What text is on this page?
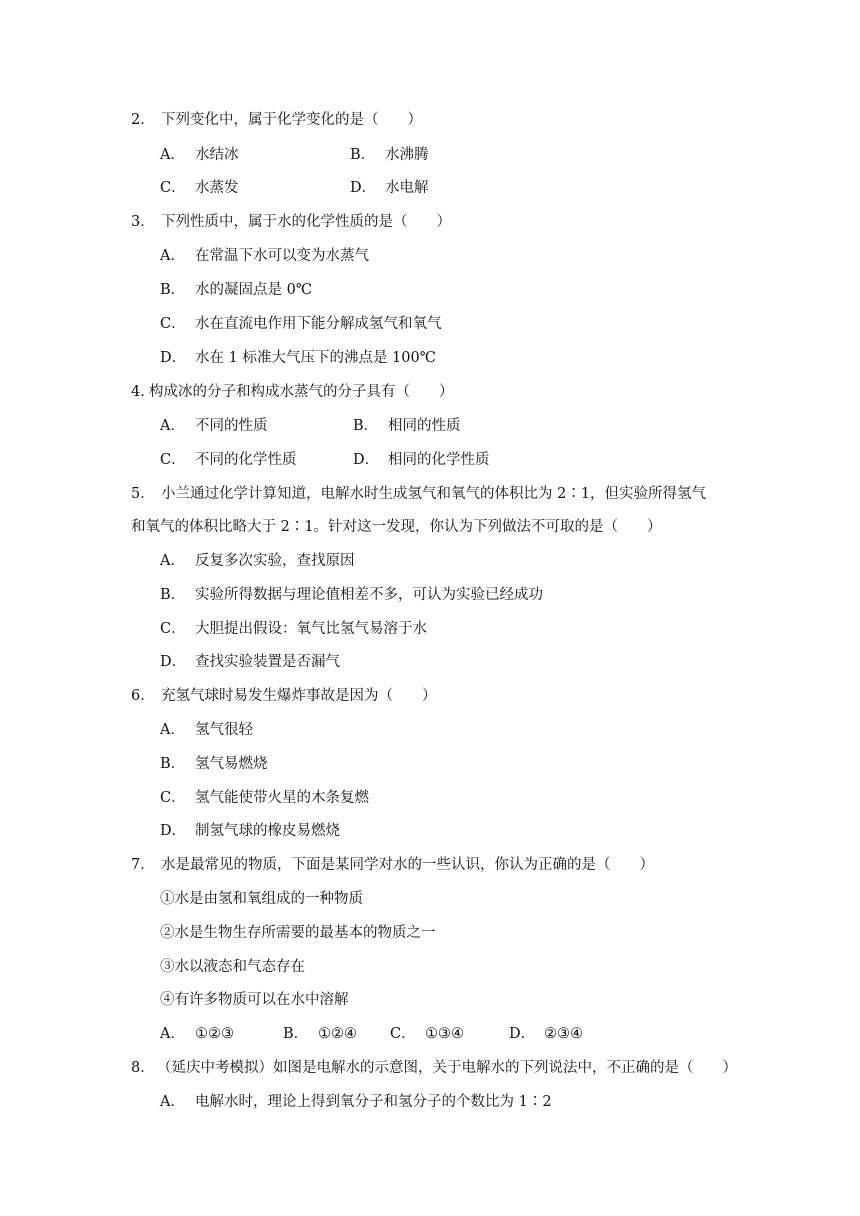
2． 下列变化中，属于化学变化的是（　　）
A． 水结冰	B． 水沸腾
C． 水蒸发	D． 水电解
3． 下列性质中，属于水的化学性质的是（　　）
A． 在常温下水可以变为水蒸气
B． 水的凝固点是 0℃
C． 水在直流电作用下能分解成氢气和氧气
D． 水在 1 标准大气压下的沸点是 100℃
4.构成冰的分子和构成水蒸气的分子具有（　　）
A． 不同的性质	B． 相同的性质
C． 不同的化学性质	D． 相同的化学性质
5． 小兰通过化学计算知道，电解水时生成氢气和氧气的体积比为 2∶1，但实验所得氢气
和氧气的体积比略大于 2∶1。针对这一发现，你认为下列做法不可取的是（　　）
A． 反复多次实验，查找原因
B． 实验所得数据与理论值相差不多，可认为实验已经成功
C． 大胆提出假设：氧气比氢气易溶于水
D． 查找实验装置是否漏气
6． 充氢气球时易发生爆炸事故是因为（　　）
A． 氢气很轻
B． 氢气易燃烧
C． 氢气能使带火星的木条复燃
D． 制氢气球的橡皮易燃烧
7． 水是最常见的物质，下面是某同学对水的一些认识，你认为正确的是（　　）
①水是由氢和氧组成的一种物质
②水是生物生存所需要的最基本的物质之一
③水以液态和气态存在
④有许多物质可以在水中溶解
A． ①②③	B． ①②④ C． ①③④	D． ②③④
8． （延庆中考模拟）如图是电解水的示意图，关于电解水的下列说法中，不正确的是（　　）
A． 电解水时，理论上得到氧分子和氢分子的个数比为 1∶2
